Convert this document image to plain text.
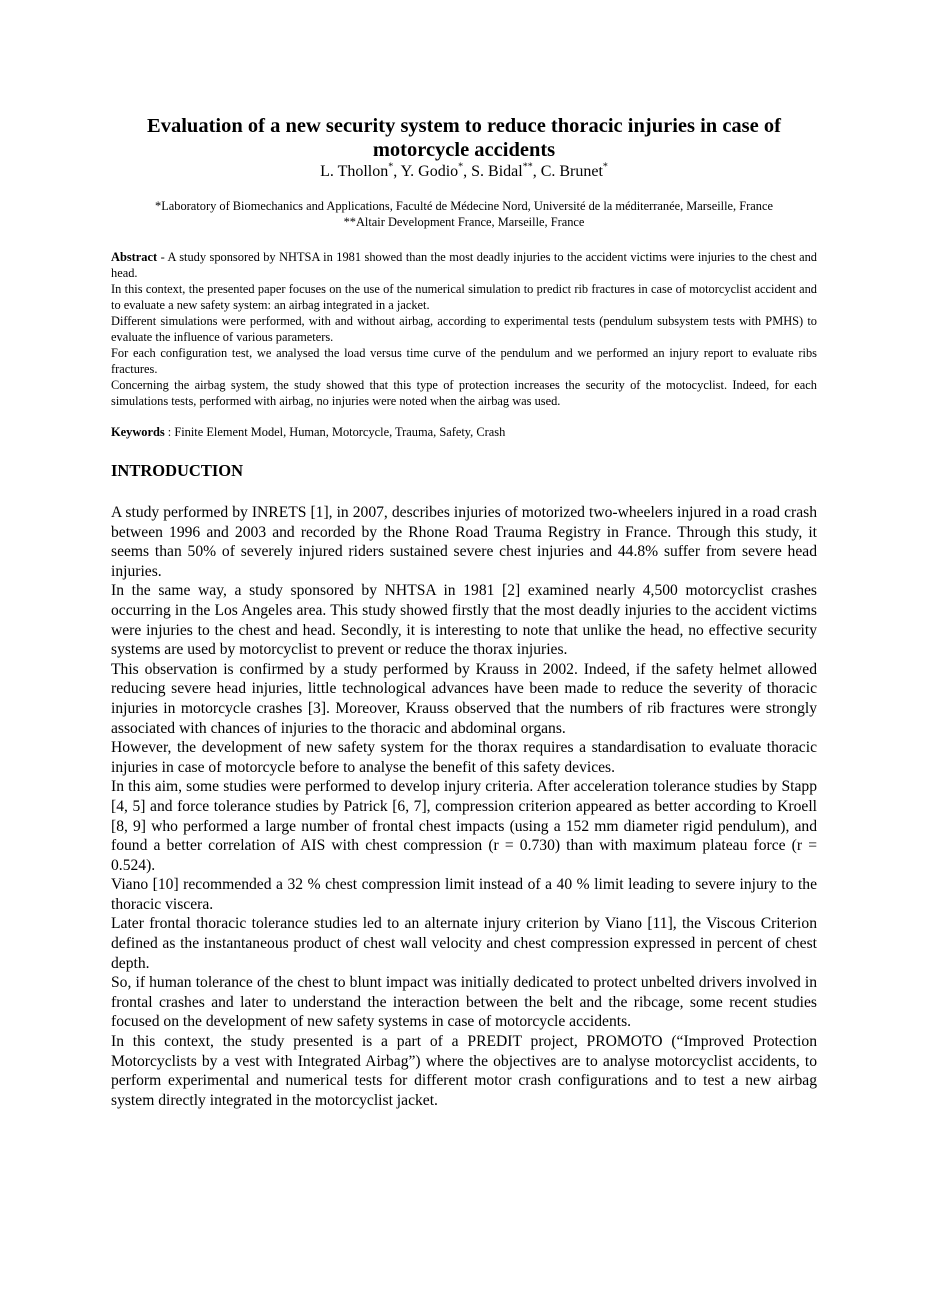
Evaluation of a new security system to reduce thoracic injuries in case of motorcycle accidents

L. Thollon*, Y. Godio*, S. Bidal**, C. Brunet*

*Laboratory of Biomechanics and Applications, Faculté de Médecine Nord, Université de la méditerranée, Marseille, France
**Altair Development France, Marseille, France

Abstract - A study sponsored by NHTSA in 1981 showed than the most deadly injuries to the accident victims were injuries to the chest and head.

In this context, the presented paper focuses on the use of the numerical simulation to predict rib fractures in case of motorcyclist accident and to evaluate a new safety system: an airbag integrated in a jacket.

Different simulations were performed, with and without airbag, according to experimental tests (pendulum subsystem tests with PMHS) to evaluate the influence of various parameters.

For each configuration test, we analysed the load versus time curve of the pendulum and we performed an injury report to evaluate ribs fractures.

Concerning the airbag system, the study showed that this type of protection increases the security of the motocyclist. Indeed, for each simulations tests, performed with airbag, no injuries were noted when the airbag was used.

Keywords : Finite Element Model, Human, Motorcycle, Trauma, Safety, Crash

INTRODUCTION

A study performed by INRETS [1], in 2007, describes injuries of motorized two-wheelers injured in a road crash between 1996 and 2003 and recorded by the Rhone Road Trauma Registry in France. Through this study, it seems than 50% of severely injured riders sustained severe chest injuries and 44.8% suffer from severe head injuries.

In the same way, a study sponsored by NHTSA in 1981 [2] examined nearly 4,500 motorcyclist crashes occurring in the Los Angeles area. This study showed firstly that the most deadly injuries to the accident victims were injuries to the chest and head. Secondly, it is interesting to note that unlike the head, no effective security systems are used by motorcyclist to prevent or reduce the thorax injuries.

This observation is confirmed by a study performed by Krauss in 2002. Indeed, if the safety helmet allowed reducing severe head injuries, little technological advances have been made to reduce the severity of thoracic injuries in motorcycle crashes [3]. Moreover, Krauss observed that the numbers of rib fractures were strongly associated with chances of injuries to the thoracic and abdominal organs.

However, the development of new safety system for the thorax requires a standardisation to evaluate thoracic injuries in case of motorcycle before to analyse the benefit of this safety devices.

In this aim, some studies were performed to develop injury criteria. After acceleration tolerance studies by Stapp [4, 5] and force tolerance studies by Patrick [6, 7], compression criterion appeared as better according to Kroell [8, 9] who performed a large number of frontal chest impacts (using a 152 mm diameter rigid pendulum), and found a better correlation of AIS with chest compression (r = 0.730) than with maximum plateau force (r = 0.524).

Viano [10] recommended a 32 % chest compression limit instead of a 40 % limit leading to severe injury to the thoracic viscera.

Later frontal thoracic tolerance studies led to an alternate injury criterion by Viano [11], the Viscous Criterion defined as the instantaneous product of chest wall velocity and chest compression expressed in percent of chest depth.

So, if human tolerance of the chest to blunt impact was initially dedicated to protect unbelted drivers involved in frontal crashes and later to understand the interaction between the belt and the ribcage, some recent studies focused on the development of new safety systems in case of motorcycle accidents.

In this context, the study presented is a part of a PREDIT project, PROMOTO (“Improved Protection Motorcyclists by a vest with Integrated Airbag”) where the objectives are to analyse motorcyclist accidents, to perform experimental and numerical tests for different motor crash configurations and to test a new airbag system directly integrated in the motorcyclist jacket.
